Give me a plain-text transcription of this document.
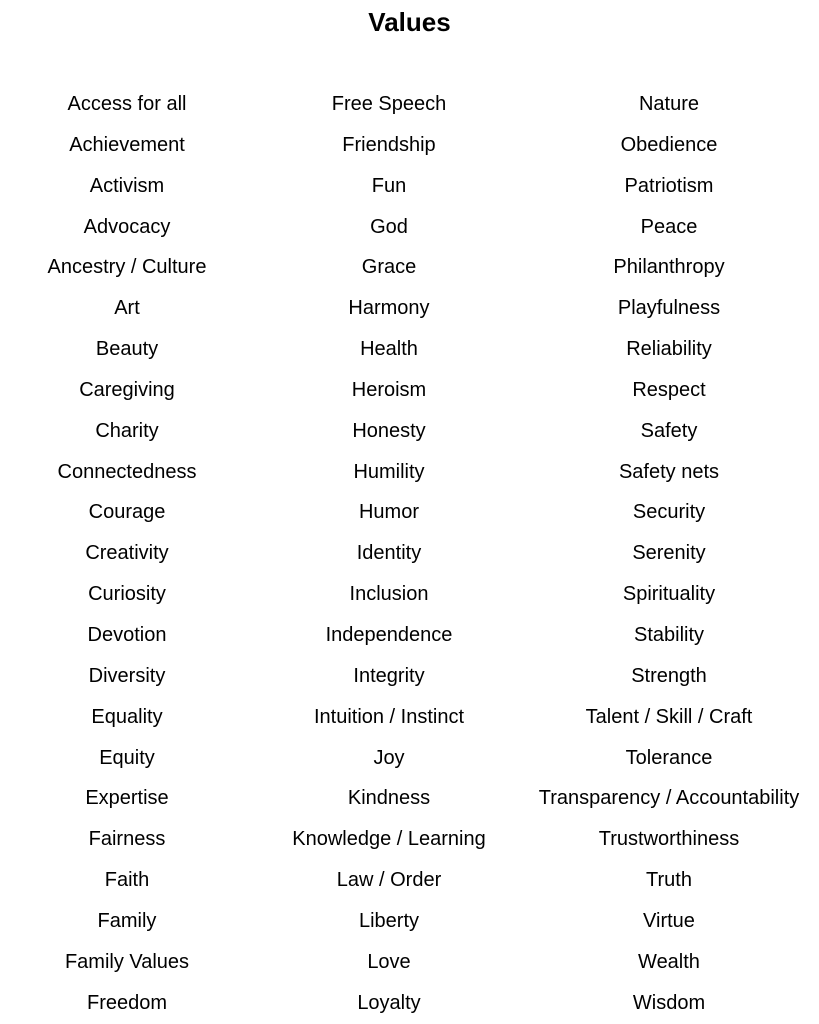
Values
Access for all
Achievement
Activism
Advocacy
Ancestry / Culture
Art
Beauty
Caregiving
Charity
Connectedness
Courage
Creativity
Curiosity
Devotion
Diversity
Equality
Equity
Expertise
Fairness
Faith
Family
Family Values
Freedom
Free Speech
Friendship
Fun
God
Grace
Harmony
Health
Heroism
Honesty
Humility
Humor
Identity
Inclusion
Independence
Integrity
Intuition / Instinct
Joy
Kindness
Knowledge / Learning
Law / Order
Liberty
Love
Loyalty
Nature
Obedience
Patriotism
Peace
Philanthropy
Playfulness
Reliability
Respect
Safety
Safety nets
Security
Serenity
Spirituality
Stability
Strength
Talent / Skill / Craft
Tolerance
Transparency / Accountability
Trustworthiness
Truth
Virtue
Wealth
Wisdom
